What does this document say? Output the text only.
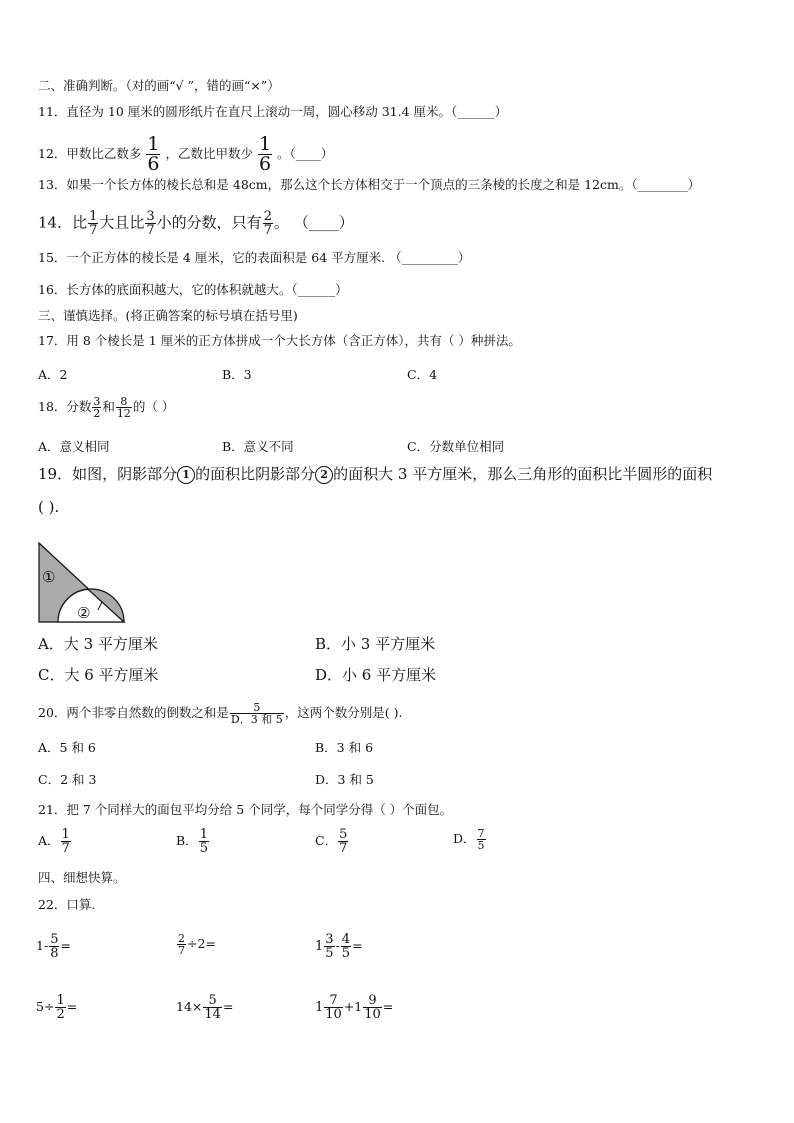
二、准确判断。（对的画“√ ”，错的画“×”）
11．直径为 10 厘米的圆形纸片在直尺上滚动一周，圆心移动 31.4 厘米。（______）
12．甲数比乙数多 $\frac{1}{6}$ ，乙数比甲数少 $\frac{1}{6}$ 。（____）
13．如果一个长方体的棱长总和是 48cm，那么这个长方体相交于一个顶点的三条棱的长度之和是 12cm。（________）
14．比 $\frac{1}{7}$ 大且比 $\frac{3}{7}$ 小的分数，只有 $\frac{2}{7}$ 。 （____）
15．一个正方体的棱长是 4 厘米，它的表面积是 64 平方厘米. （_________）
16．长方体的底面积越大，它的体积就越大。（______）
三、谨慎选择。(将正确答案的标号填在括号里)
17．用 8 个棱长是 1 厘米的正方体拼成一个大长方体（含正方体），共有（ ）种拼法。
A．2	B．3	C．4
18．分数 $\frac{3}{2}$ 和 $\frac{8}{12}$ 的（ ）
A．意义相同	B．意义不同	C．分数单位相同
19．如图，阴影部分 1 的面积比阴影部分 2 的面积大 3 平方厘米，那么三角形的面积比半圆形的面积
( ).
①
②
A．大 3 平方厘米	B．小 3 平方厘米
C．大 6 平方厘米	D．小 6 平方厘米
20．两个非零自然数的倒数之和是 $\frac{5}{\text{D．3 和 5}}$ ，这两个数分别是( ).
A．5 和 6	B．3 和 6
C．2 和 3	D．3 和 5
21．把 7 个同样大的面包平均分给 5 个同学，每个同学分得（ ）个面包。
A． $\frac{1}{7}$	B． $\frac{1}{5}$	C． $\frac{5}{7}$	D． $\frac{7}{5}$
四、细想快算。
22．口算.
$1- \frac{5}{8}$ =	$\frac{2}{7} \div 2=$	$1 \frac{3}{5} - \frac{4}{5}$ =
$5\div \frac{1}{2}$ =	$14\times \frac{5}{14}$ =	$1 \frac{7}{10} +1 \frac{9}{10}$ =
